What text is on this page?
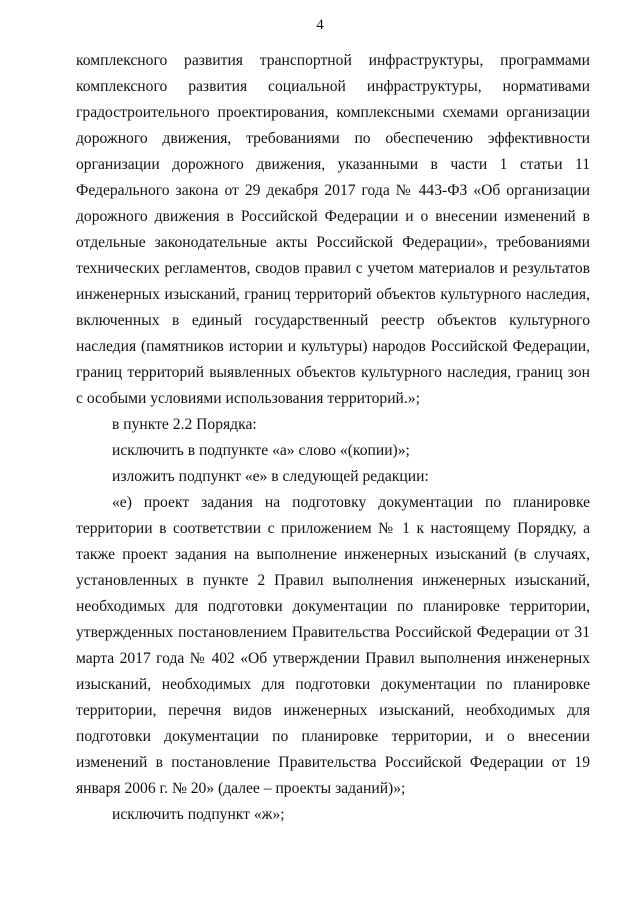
4

комплексного развития транспортной инфраструктуры, программами комплексного развития социальной инфраструктуры, нормативами градостроительного проектирования, комплексными схемами организации дорожного движения, требованиями по обеспечению эффективности организации дорожного движения, указанными в части 1 статьи 11 Федерального закона от 29 декабря 2017 года № 443-ФЗ «Об организации дорожного движения в Российской Федерации и о внесении изменений в отдельные законодательные акты Российской Федерации», требованиями технических регламентов, сводов правил с учетом материалов и результатов инженерных изысканий, границ территорий объектов культурного наследия, включенных в единый государственный реестр объектов культурного наследия (памятников истории и культуры) народов Российской Федерации, границ территорий выявленных объектов культурного наследия, границ зон с особыми условиями использования территорий.»;

в пункте 2.2 Порядка:

исключить в подпункте «а» слово «(копии)»;

изложить подпункт «е» в следующей редакции:

«е) проект задания на подготовку документации по планировке территории в соответствии с приложением № 1 к настоящему Порядку, а также проект задания на выполнение инженерных изысканий (в случаях, установленных в пункте 2 Правил выполнения инженерных изысканий, необходимых для подготовки документации по планировке территории, утвержденных постановлением Правительства Российской Федерации от 31 марта 2017 года № 402 «Об утверждении Правил выполнения инженерных изысканий, необходимых для подготовки документации по планировке территории, перечня видов инженерных изысканий, необходимых для подготовки документации по планировке территории, и о внесении изменений в постановление Правительства Российской Федерации от 19 января 2006 г. № 20» (далее – проекты заданий)»;

исключить подпункт «ж»;
